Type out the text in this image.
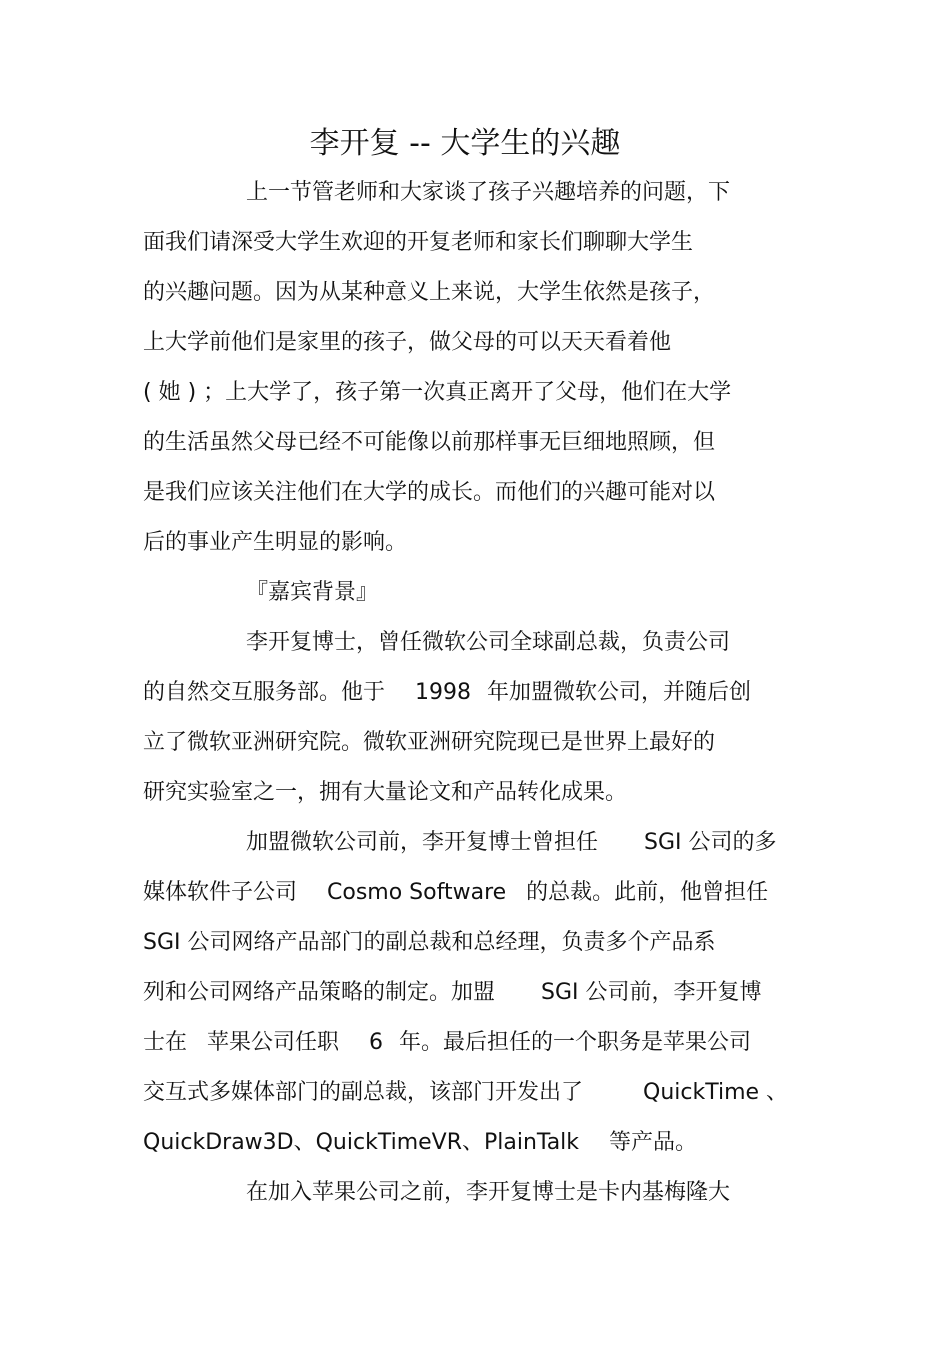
李开复 -- 大学生的兴趣
上一节管老师和大家谈了孩子兴趣培养的问题，下
面我们请深受大学生欢迎的开复老师和家长们聊聊大学生
的兴趣问题。因为从某种意义上来说，大学生依然是孩子，
上大学前他们是家里的孩子，做父母的可以天天看着他
( 她 ) ；上大学了，孩子第一次真正离开了父母，他们在大学
的生活虽然父母已经不可能像以前那样事无巨细地照顾，但
是我们应该关注他们在大学的成长。而他们的兴趣可能对以
后的事业产生明显的影响。
『嘉宾背景』
李开复博士，曾任微软公司全球副总裁，负责公司
的自然交互服务部。他于 1998 年加盟微软公司，并随后创
立了微软亚洲研究院。微软亚洲研究院现已是世界上最好的
研究实验室之一，拥有大量论文和产品转化成果。
加盟微软公司前，李开复博士曾担任 SGI 公司的多
媒体软件子公司 Cosmo Software 的总裁。此前，他曾担任
SGI 公司网络产品部门的副总裁和总经理，负责多个产品系
列和公司网络产品策略的制定。加盟 SGI 公司前，李开复博
士在 苹果公司任职 6 年。最后担任的一个职务是苹果公司
交互式多媒体部门的副总裁，该部门开发出了	QuickTime 、
QuickDraw3D、QuickTimeVR、PlainTalk 等产品。
在加入苹果公司之前，李开复博士是卡内基梅隆大
